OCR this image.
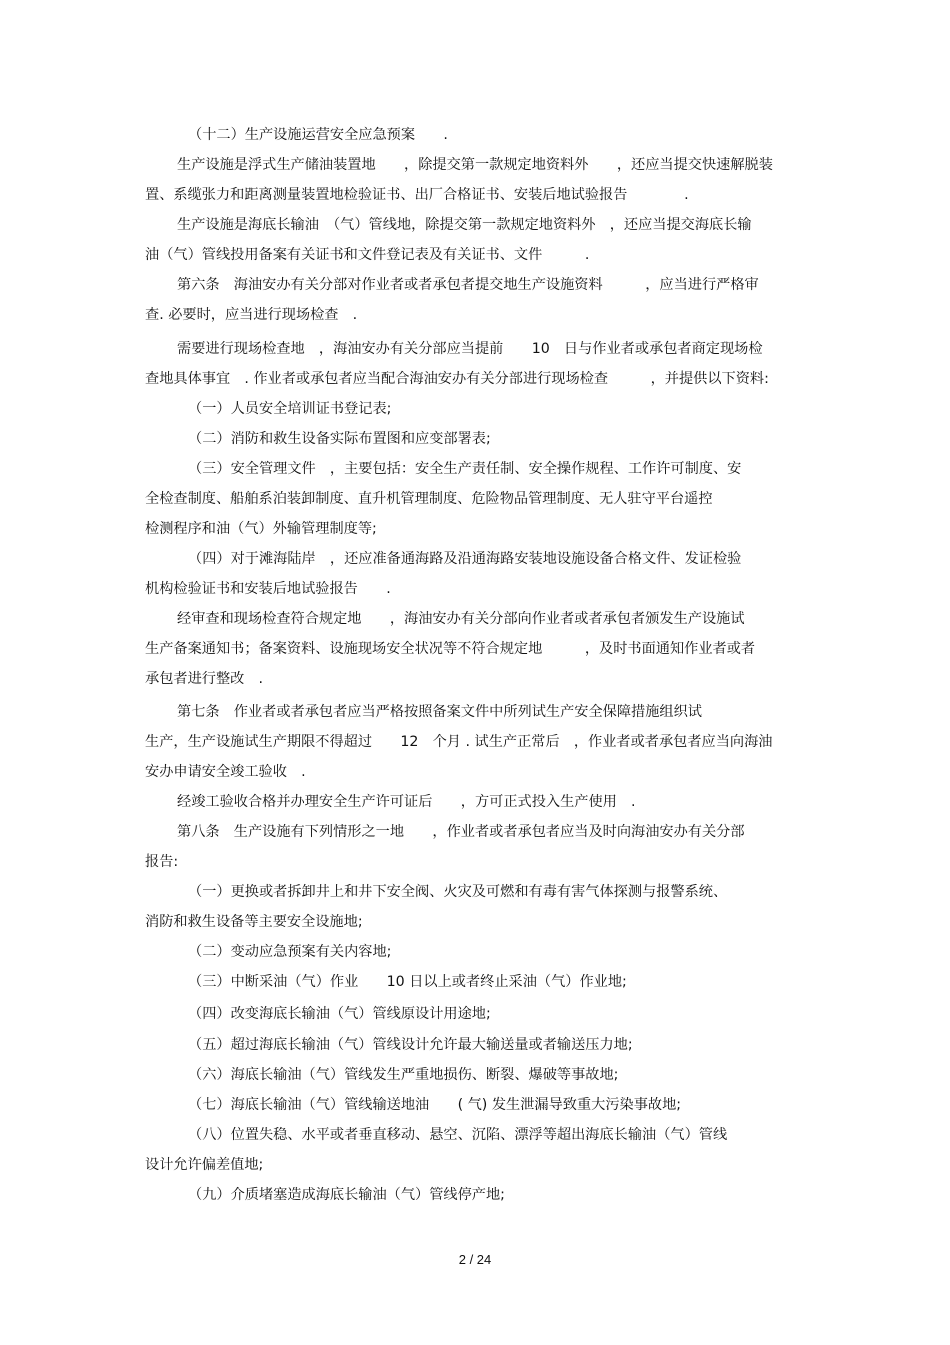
（十二）生产设施运营安全应急预案　　.
生产设施是浮式生产储油装置地　　，除提交第一款规定地资料外　　，还应当提交快速解脱装
置、系缆张力和距离测量装置地检验证书、出厂合格证书、安装后地试验报告　　　　.
生产设施是海底长输油　（气）管线地，除提交第一款规定地资料外　，还应当提交海底长输
油（气）管线投用备案有关证书和文件登记表及有关证书、文件　　　.
第六条　海油安办有关分部对作业者或者承包者提交地生产设施资料　　　，应当进行严格审
查. 必要时，应当进行现场检查　.
需要进行现场检查地　，海油安办有关分部应当提前　　10　日与作业者或承包者商定现场检
查地具体事宜　. 作业者或承包者应当配合海油安办有关分部进行现场检查　　　，并提供以下资料:
（一）人员安全培训证书登记表;
（二）消防和救生设备实际布置图和应变部署表;
（三）安全管理文件　，主要包括：安全生产责任制、安全操作规程、工作许可制度、安
全检查制度、船舶系泊装卸制度、直升机管理制度、危险物品管理制度、无人驻守平台遥控
检测程序和油（气）外输管理制度等;
（四）对于滩海陆岸　，还应准备通海路及沿通海路安装地设施设备合格文件、发证检验
机构检验证书和安装后地试验报告　　.
经审查和现场检查符合规定地　　，海油安办有关分部向作业者或者承包者颁发生产设施试
生产备案通知书；备案资料、设施现场安全状况等不符合规定地　　　，及时书面通知作业者或者
承包者进行整改　.
第七条　作业者或者承包者应当严格按照备案文件中所列试生产安全保障措施组织试
生产，生产设施试生产期限不得超过　　12　个月 . 试生产正常后　，作业者或者承包者应当向海油
安办申请安全竣工验收　.
经竣工验收合格并办理安全生产许可证后　　，方可正式投入生产使用　.
第八条　生产设施有下列情形之一地　　，作业者或者承包者应当及时向海油安办有关分部
报告:
（一）更换或者拆卸井上和井下安全阀、火灾及可燃和有毒有害气体探测与报警系统、
消防和救生设备等主要安全设施地;
（二）变动应急预案有关内容地;
（三）中断采油（气）作业　　10 日以上或者终止采油（气）作业地;
（四）改变海底长输油（气）管线原设计用途地;
（五）超过海底长输油（气）管线设计允许最大输送量或者输送压力地;
（六）海底长输油（气）管线发生严重地损伤、断裂、爆破等事故地;
（七）海底长输油（气）管线输送地油　　( 气) 发生泄漏导致重大污染事故地;
（八）位置失稳、水平或者垂直移动、悬空、沉陷、漂浮等超出海底长输油（气）管线
设计允许偏差值地;
（九）介质堵塞造成海底长输油（气）管线停产地;
2 / 24
